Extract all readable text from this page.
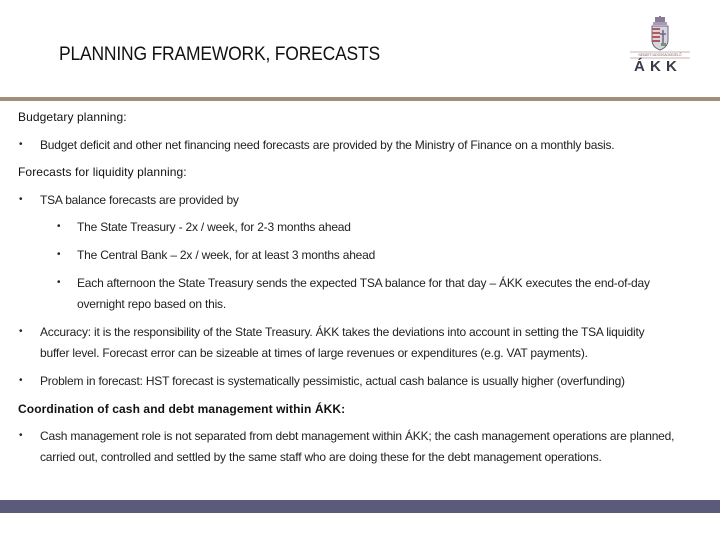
PLANNING FRAMEWORK, FORECASTS	NEMZETI ADÓSSÁGKEZELŐ
Á K K
Budgetary planning:
• Budget deficit and other net financing need forecasts are provided by the Ministry of Finance on a monthly basis.
Forecasts for liquidity planning:
• TSA balance forecasts are provided by
• The State Treasury - 2x / week, for 2-3 months ahead
• The Central Bank – 2x / week, for at least 3 months ahead
• Each afternoon the State Treasury sends the expected TSA balance for that day – ÁKK executes the end-of-day
overnight repo based on this.
• Accuracy: it is the responsibility of the State Treasury. ÁKK takes the deviations into account in setting the TSA liquidity
buffer level. Forecast error can be sizeable at times of large revenues or expenditures (e.g. VAT payments).
• Problem in forecast: HST forecast is systematically pessimistic, actual cash balance is usually higher (overfunding)
Coordination of cash and debt management within ÁKK:
• Cash management role is not separated from debt management within ÁKK; the cash management operations are planned,
carried out, controlled and settled by the same staff who are doing these for the debt management operations.
